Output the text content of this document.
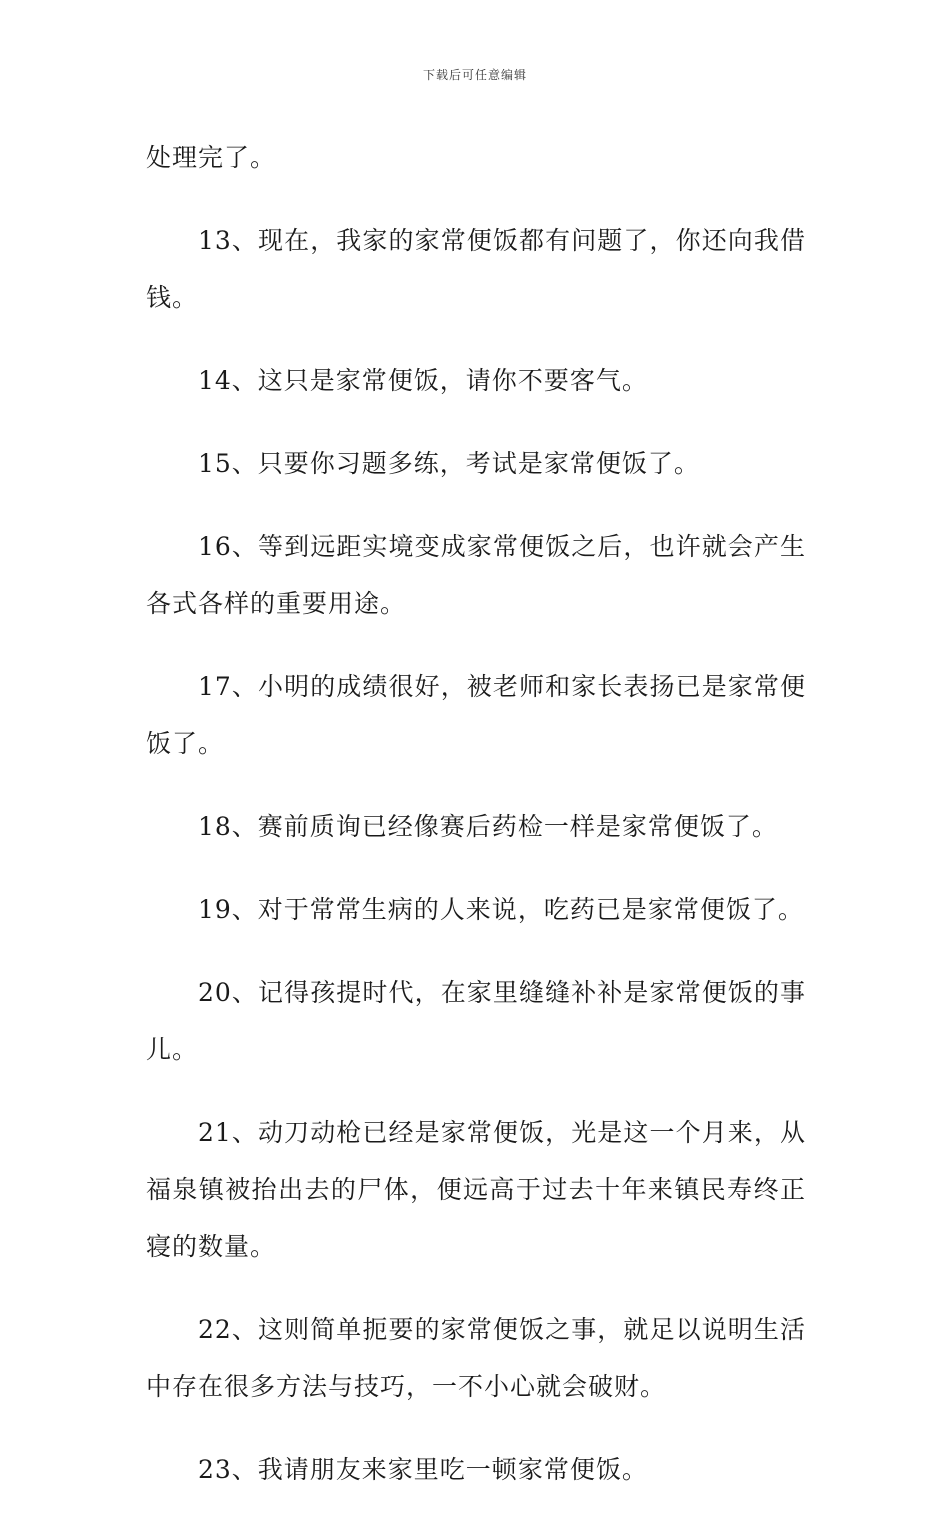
下载后可任意编辑

处理完了。

13、现在，我家的家常便饭都有问题了，你还向我借钱。

14、这只是家常便饭，请你不要客气。

15、只要你习题多练，考试是家常便饭了。

16、等到远距实境变成家常便饭之后，也许就会产生各式各样的重要用途。

17、小明的成绩很好，被老师和家长表扬已是家常便饭了。

18、赛前质询已经像赛后药检一样是家常便饭了。

19、对于常常生病的人来说，吃药已是家常便饭了。

20、记得孩提时代，在家里缝缝补补是家常便饭的事儿。

21、动刀动枪已经是家常便饭，光是这一个月来，从福泉镇被抬出去的尸体，便远高于过去十年来镇民寿终正寝的数量。

22、这则简单扼要的家常便饭之事，就足以说明生活中存在很多方法与技巧，一不小心就会破财。

23、我请朋友来家里吃一顿家常便饭。
